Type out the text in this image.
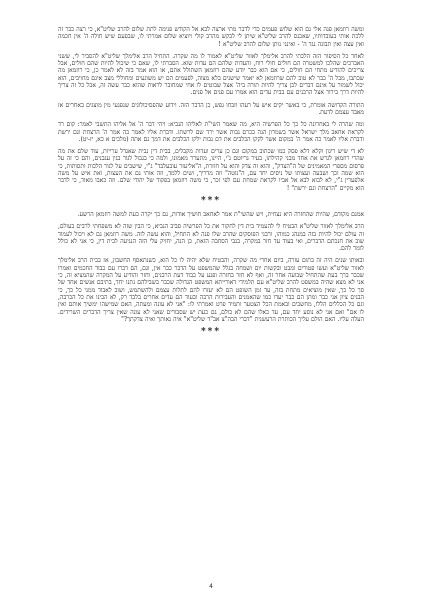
ומשה רוזמאן פנה אלי גם הוא שלוש פעמים כדי לדבר מתי ארצה לבא אל הקודש פנימה לתת שלום להרב שליט"א, כי רצה כבר זה ללכת אותי בעובדותיו, שאכנס להרב שליט"א שיתן לי לבקש מהרב קולי ויוציא שלום אמרתי לו, שבפעם שיש חולה ה' אין חכמה ואין עצה ואין תבונה נגד ה' - ואינני נותן שלום להרב שליט"א !

לאחר כל הסיפור הזה הלכתי להרב אלימלך לאזור שליט"א לאמור לו מה שקרה. התחיל הרב אלימלך שליט"א להסביר לי, ששני האברכים שהלכו למשטרה הם חולים חולי רוח, והעדות שלהם הם עדות שוא. הסברתי לו, שאם כי שיכול להיות שהם חולים, אבל צריכים להודיע מתחי הם חולים, כי אם הוא כבר יודע שהם רוזמאן השתולל אתם, או הוא אמר בזה לא לאמר כן, כי רוזמאן מה שכתבו, מבל ה' כבר לא טוב להם שרוזמאן לא יאמר שישנים בלא מצוה, לפעמים הם יש משוגעים ומחוללי מצב אינם מחויבים, הוא יכול לשמור על אינם דברים לכן צריך להיות תורה ביה' אצל שבוטים לו אחי שמחובר לראות שהוא כבר עשה זה, אבל כל זה צריך להיות דרך בירור אצל הרבנים עם בבית עדים הוא אמרו עם פנים אל פנים.

התורה הקדושה אומרת, כי באשר יקים איש על רעהו וזבחו נפש, כן הדבר הזה. וידוע שהפסיכולוגים שנפגעי מין מוצגים באחרים אז מאבד עצמם לדעת.

ומה שהרה לי באחרונה כל כך כל הפרשיה היא, מה שאמר השי"ת לאליהו הנביא: ויהי דבר ה' אל אליהו התשבי לאמר: קום רד לקראת אחאב מלך ישראל אשר בשמרון הנה בכרם נבות אשר ירד שם לרשתו. ודברת אליו לאמר כה אמר ה' הרצחת וגם ירשת ודברת אליו לאמר כה אמר ה' במקום אשר לקקו הכלבים את דם נבות ילקו הכלבים את דמך גם אתה (מלכים א כא, יז-יט).

לא די שיש ריגון וקלא דלא פסק כמו שכתוב במקום וגם כן ערים ועדות מקבלים, בבית דין נבית שאגדל ערייות, עוד שלם את מה שהרי רוזמאן לגרש את אחד מבני קהילתו, בעיר גריוטם ג'י, היינו, מתערר מאמונו, ולמה כי בגבול לגור בגין עגבנים, והם כי זה על פרסום מספרי המאמינים של ה"הצדק", והוא זה צדק והוא על חוזרת, ה"אליעזר עובעלבד" ג"י, שישבים על לגור הלכות ותסותות, כי הוא שמה וכך ושבעה ועצותו של ניסים יחד עם, ה"נוטה" וזה מדריך, ושים ללמד, וזה אותי גם את העצות, ואת איש על משה אלפערין ג"י, לא לבוא לבא אל אביו לקראת שמחת עם לפי זכר, כי משה רוזמאן בפקוד של יהודי שלם. וזה כאבו מאוד, כי לדבר הוא מקיים "הרצחת וגם ירשת" !

***

אמנם מקודם, שהיות שהחזרה היא נצחית, ויש שהשי"ת אמר לאחאב חושיך אודות, גם כך יקרה כעת למשה רוזמאן הרשע.

הרב אלימלך לאזור שליט"א הבטיח לי להעמיד בית דין לחקור את כל הפרשיה סביב הנביא, כי הבין שזה לא משפחתי לרבים בעולם, זה עולם יכול להיות בזה במנהג כמוהו, ורבני הפוסקים שהרב שלו פנה לא התחיל, והוא עשה לזה. משה רוזמאן גם לא ויכול לעמוד שוב את חנכתם הדברים, ואי בעוד עד חזר במקרה, בגבי הסחבה הזאת, כן הנה, יחזיק עלי הזה הנגיעה לבית דין, כי אני לא כולל לומר להם.

ובאותו שנים היה זה בתום עזרה, ביום אחרי מה שקרה, והבטיח שלא יהיה לו כל הוא, כשנתאסף החשבון, אז בבית הרב אלימלך לאזור שליט"א ועשו פטורים ומבט ובקשות יום ושמחה בגלל שהמשפט על הדבר כבר אין, וגם, הם דברו עם כבוד החכמים ואמרו שכבר ברך בעת שהתחיל שבועה אחר זה, ואף לא חזר בחזרה ופגע על כבוד דעת הרבנים, וחזר והודיע על המקרה שהמציא זה, כי אני לא מצא שהיה במשפט להרב שליט"א עם תלמידי דאורייתא המשפט הגדולה שכבר בשבילהם נתנו יחד, בתיבם אנשים אחד של סך כל כך, שאין מוציאים מתחת בזה, עד זמן השופט הם לא יעזרו להם לתלות עצמם ולהשתמש, ושוב לאבוד ממני כל כך, כי הבנים ציון אני כבר ומתן הם כבר יעדו כמו שהאמנים והעבירות הרבה ובעוד הם עדים אחרים בלבד רק, לא הבינו את כל הכרבה, וגם כל הכללים הללו, מחשבים ובאמת הכל הצטער ותמיד פרט ואמרתי לו: "אני לא עונה ומעתה, האם שמישהו ימשיך אותם ואין לו אם" ואם אני לא נוסע יחד עם, עד כאלו שהם לא כולם, גם כעת יש שסבורים שאני לא עונה שאין צריך הדברים השרידים. העלה עליו. האם הולם עליך הכותרת הרעשנית "דברי הבה"צ אב"ד שליט"א" איה גאותך ואיה צדקתך?"

***
4
